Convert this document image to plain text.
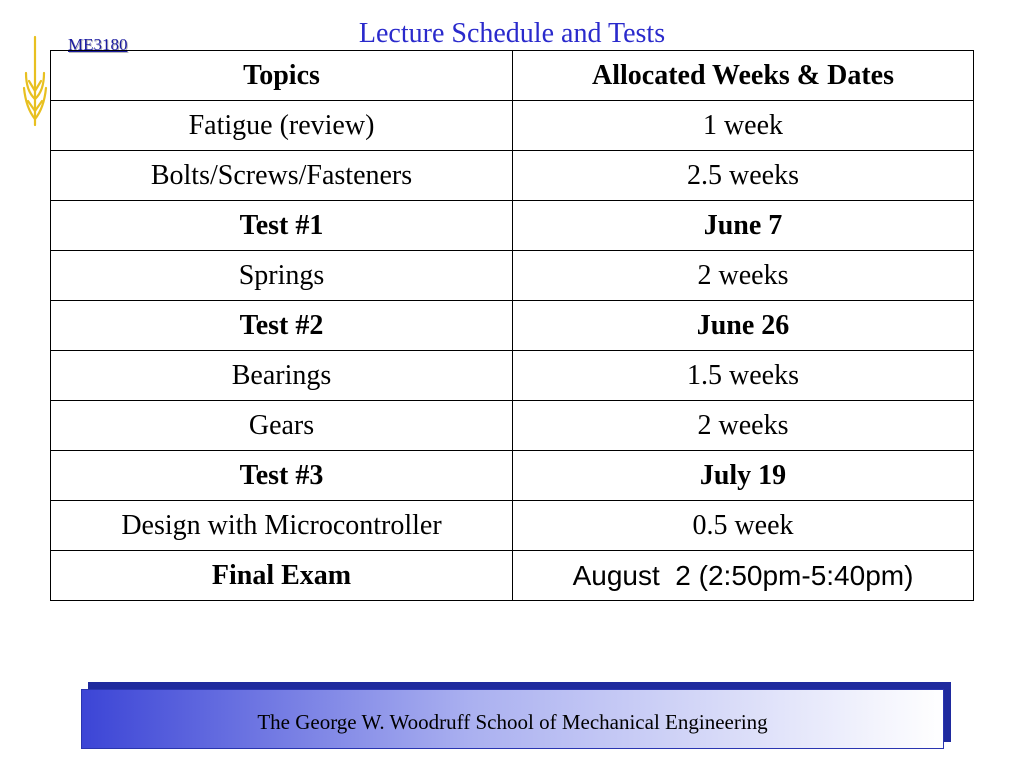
ME3180	Lecture Schedule and Tests
Topics	Allocated Weeks & Dates
Fatigue (review)	1 week
Bolts/Screws/Fasteners	2.5 weeks
Test #1	June 7
Springs	2 weeks
Test #2	June 26
Bearings	1.5 weeks
Gears	2 weeks
Test #3	July 19
Design with Microcontroller	0.5 week
Final Exam	August  2 (2:50pm-5:40pm)
The George W. Woodruff School of Mechanical Engineering
